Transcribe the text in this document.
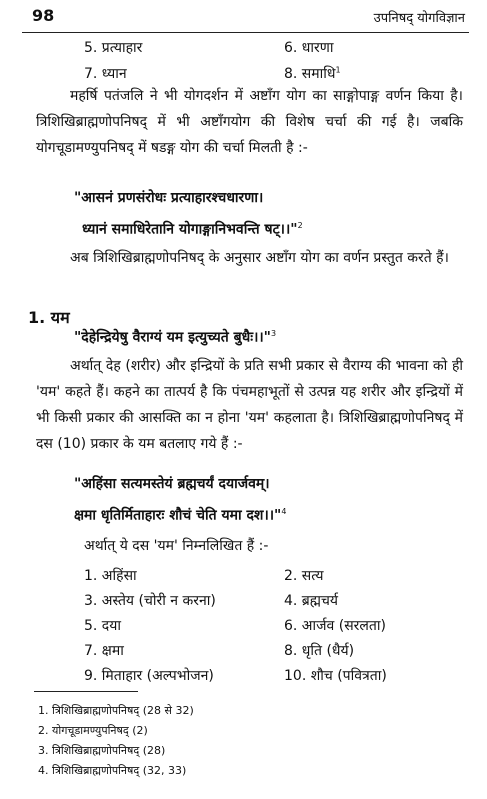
98	उपनिषद् योगविज्ञान
5. प्रत्याहार	6. धारणा
7. ध्यान	8. समाधि$^1$

महर्षि पतंजलि ने भी योगदर्शन में अष्टाँग योग का साङ्गोपाङ्ग वर्णन किया है। त्रिशिखिब्राह्मणोपनिषद् में भी अष्टाँगयोग की विशेष चर्चा की गई है। जबकि योगचूडामण्युपनिषद् में षडङ्ग योग की चर्चा मिलती है :-

"आसनं प्रणसंरोधः प्रत्याहारश्चधारणा।
ध्यानं समाधिरेतानि योगाङ्गानिभवन्ति षट्।।"$^2$

अब त्रिशिखिब्राह्मणोपनिषद् के अनुसार अष्टाँग योग का वर्णन प्रस्तुत करते हैं।

1. यम
"देहेन्द्रियेषु वैराग्यं यम इत्युच्यते बुधैः।।"$^3$

अर्थात् देह (शरीर) और इन्द्रियों के प्रति सभी प्रकार से वैराग्य की भावना को ही 'यम' कहते हैं। कहने का तात्पर्य है कि पंचमहाभूतों से उत्पन्न यह शरीर और इन्द्रियों में भी किसी प्रकार की आसक्ति का न होना 'यम' कहलाता है। त्रिशिखिब्राह्मणोपनिषद् में दस (10) प्रकार के यम बतलाए गये हैं :-

"अहिंसा सत्यमस्तेयं ब्रह्मचर्यं दयार्जवम्।
क्षमा धृतिर्मिताहारः शौचं चेति यमा दश।।"$^4$

अर्थात् ये दस 'यम' निम्नलिखित हैं :-

1. अहिंसा	2. सत्य
3. अस्तेय (चोरी न करना)	4. ब्रह्मचर्य
5. दया	6. आर्जव (सरलता)
7. क्षमा	8. धृति (धैर्य)
9. मिताहार (अल्पभोजन)	10. शौच (पवित्रता)
1. त्रिशिखिब्राह्मणोपनिषद् (28 से 32)
2. योगचूडामण्युपनिषद् (2)
3. त्रिशिखिब्राह्मणोपनिषद् (28)
4. त्रिशिखिब्राह्मणोपनिषद् (32, 33)
